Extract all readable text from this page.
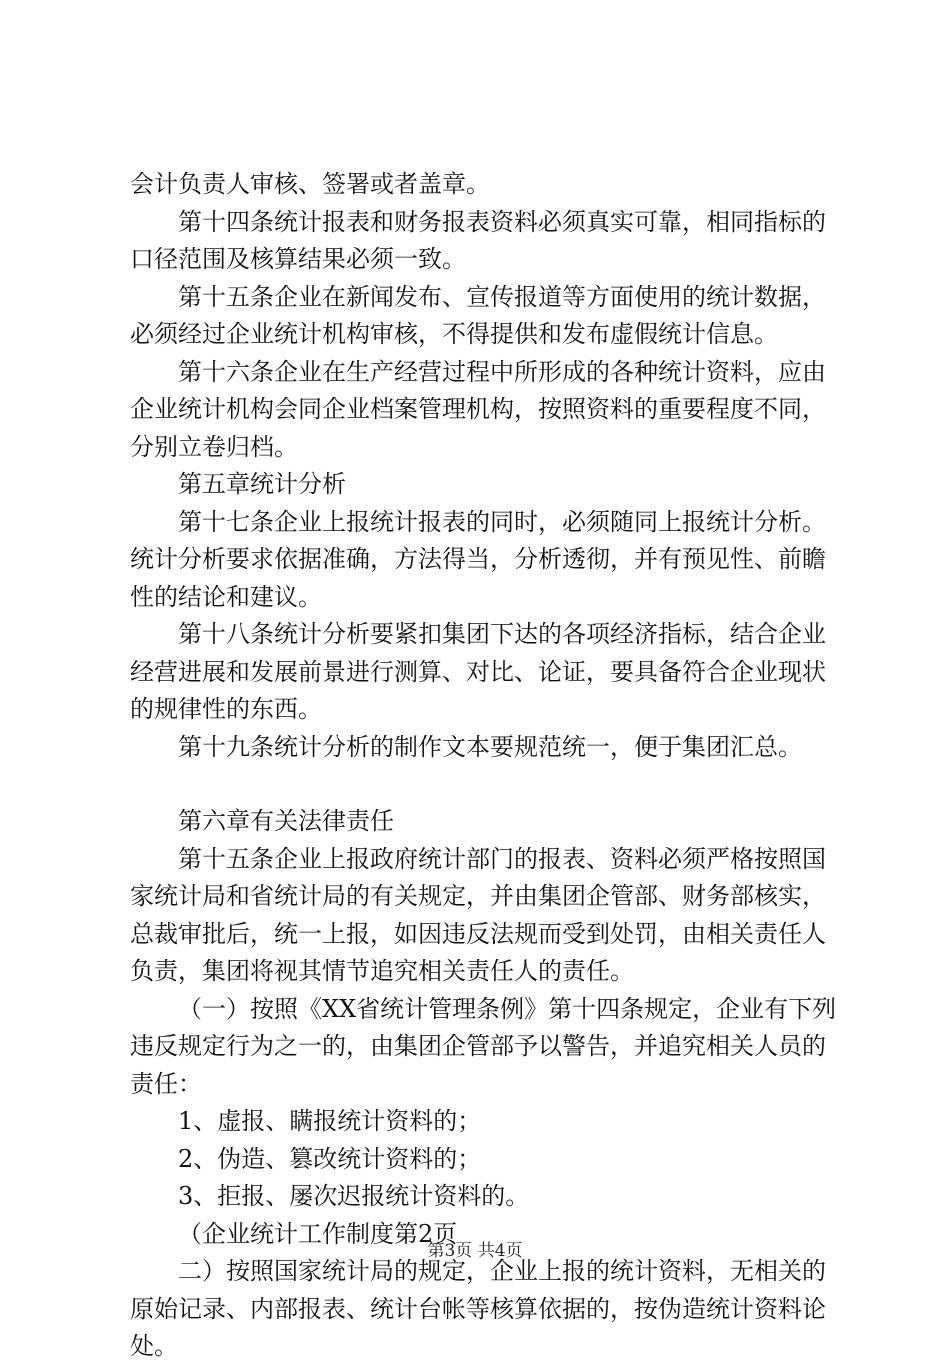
会计负责人审核、签署或者盖章。

第十四条统计报表和财务报表资料必须真实可靠，相同指标的口径范围及核算结果必须一致。

第十五条企业在新闻发布、宣传报道等方面使用的统计数据，必须经过企业统计机构审核，不得提供和发布虚假统计信息。

第十六条企业在生产经营过程中所形成的各种统计资料，应由企业统计机构会同企业档案管理机构，按照资料的重要程度不同，分别立卷归档。

第五章统计分析

第十七条企业上报统计报表的同时，必须随同上报统计分析。统计分析要求依据准确，方法得当，分析透彻，并有预见性、前瞻性的结论和建议。

第十八条统计分析要紧扣集团下达的各项经济指标，结合企业经营进展和发展前景进行测算、对比、论证，要具备符合企业现状的规律性的东西。

第十九条统计分析的制作文本要规范统一，便于集团汇总。

第六章有关法律责任

第十五条企业上报政府统计部门的报表、资料必须严格按照国家统计局和省统计局的有关规定，并由集团企管部、财务部核实，总裁审批后，统一上报，如因违反法规而受到处罚，由相关责任人负责，集团将视其情节追究相关责任人的责任。

（一）按照《XX省统计管理条例》第十四条规定，企业有下列违反规定行为之一的，由集团企管部予以警告，并追究相关人员的责任：

1、虚报、瞒报统计资料的；

2、伪造、篡改统计资料的；

3、拒报、屡次迟报统计资料的。

（企业统计工作制度第2页

二）按照国家统计局的规定，企业上报的统计资料，无相关的原始记录、内部报表、统计台帐等核算依据的，按伪造统计资料论处。

第3页 共4页
